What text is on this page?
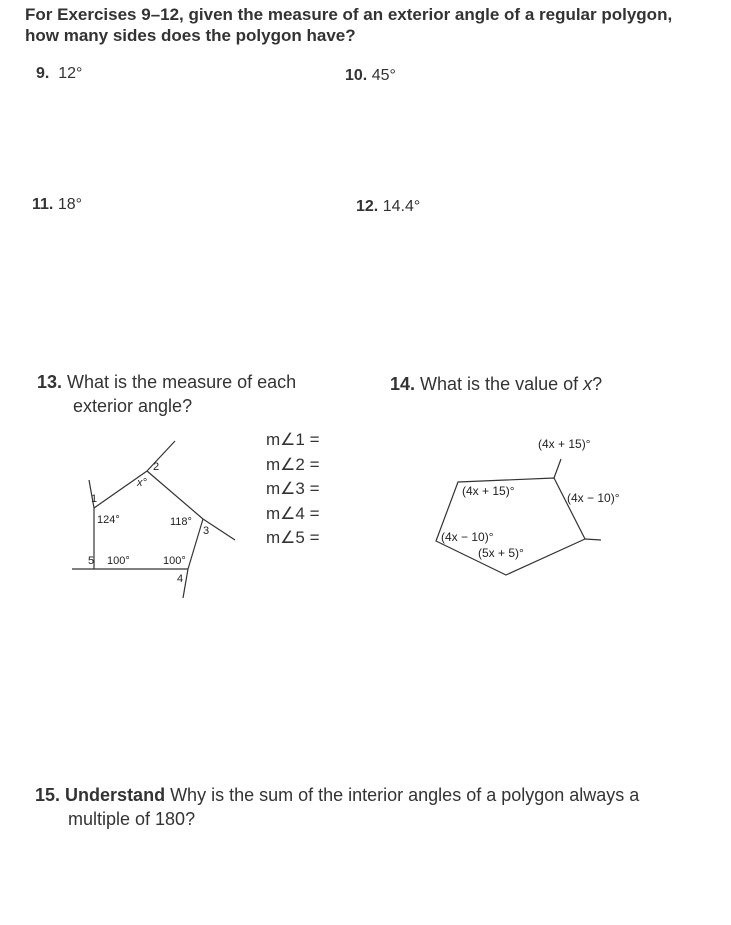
For Exercises 9–12, given the measure of an exterior angle of a regular polygon,
how many sides does the polygon have?
9. 12°	10. 45°
11. 18°	12. 14.4°
13. What is the measure of each
exterior angle?
124°	118°
100°	100°
x°
1
2
3
4
5
m∠1 =
m∠2 =
m∠3 =
m∠4 =
m∠5 =
14. What is the value of x?
(4x + 15)°
(4x + 15)°	(4x − 10)°
(4x − 10)°
(5x + 5)°
15. Understand Why is the sum of the interior angles of a polygon always a
multiple of 180?
